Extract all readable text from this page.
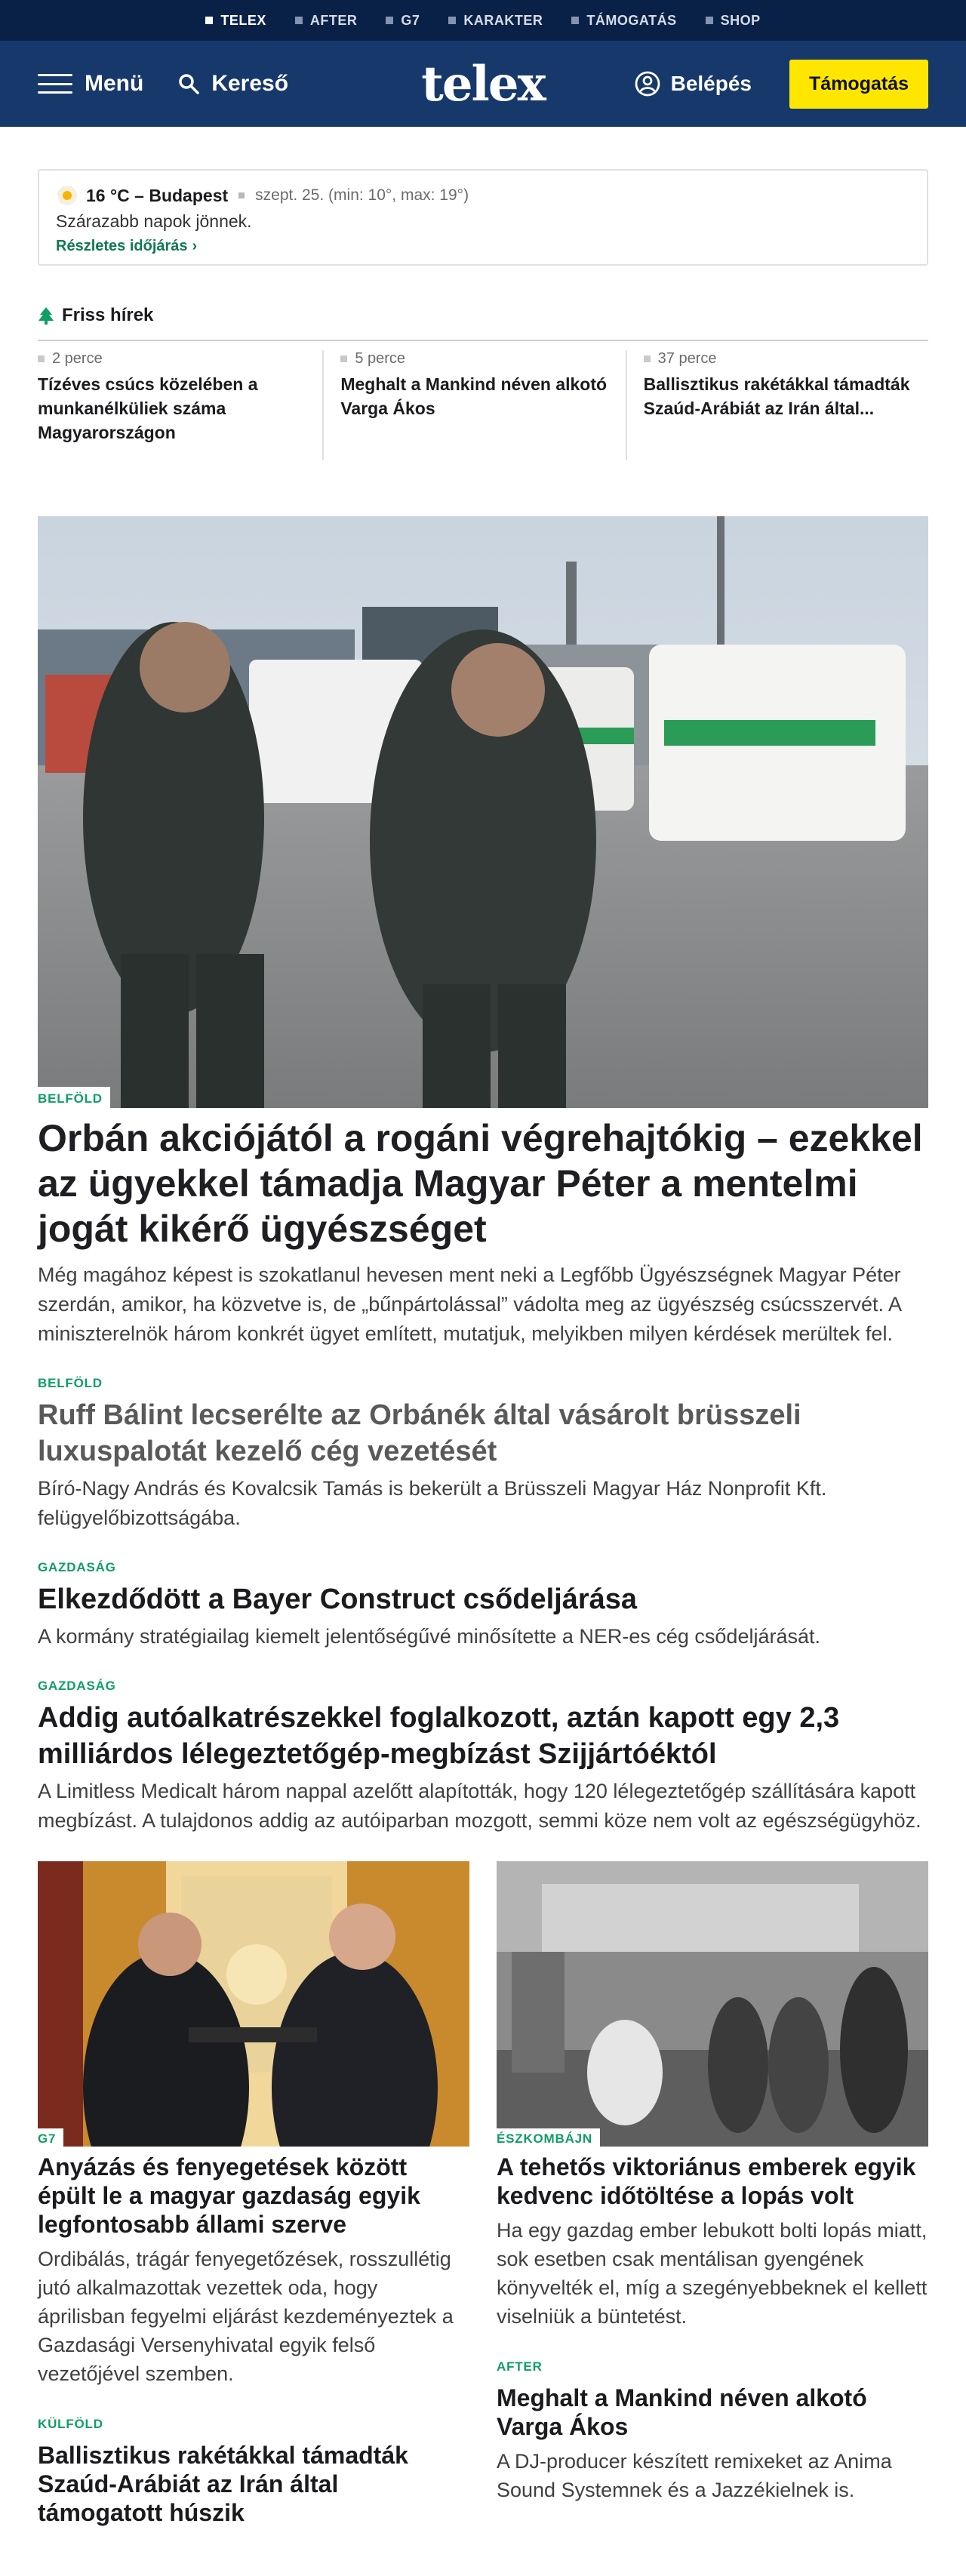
TELEX	AFTER	G7	KARAKTER	TÁMOGATÁS	SHOP
Menü	Kereső	telex	Belépés	Támogatás
16 °C – Budapest szept. 25. (min: 10°, max: 19°)
Szárazabb napok jönnek.
Részletes időjárás ›
Friss hírek
2 perce
Tízéves csúcs közelében a munkanélküliek száma Magyarországon
5 perce
Meghalt a Mankind néven alkotó Varga Ákos
37 perce
Ballisztikus rakétákkal támadták Szaúd-Arábiát az Irán által...
BELFÖLD
Orbán akciójától a rogáni végrehajtókig – ezekkel az ügyekkel támadja Magyar Péter a mentelmi jogát kikérő ügyészséget

Még magához képest is szokatlanul hevesen ment neki a Legfőbb Ügyészségnek Magyar Péter szerdán, amikor, ha közvetve is, de „bűnpártolással” vádolta meg az ügyészség csúcsszervét. A miniszterelnök három konkrét ügyet említett, mutatjuk, melyikben milyen kérdések merültek fel.

BELFÖLD
Ruff Bálint lecserélte az Orbánék által vásárolt brüsszeli luxuspalotát kezelő cég vezetését
Bíró-Nagy András és Kovalcsik Tamás is bekerült a Brüsszeli Magyar Ház Nonprofit Kft. felügyelőbizottságába.
GAZDASÁG
Elkezdődött a Bayer Construct csődeljárása
A kormány stratégiailag kiemelt jelentőségűvé minősítette a NER-es cég csődeljárását.
GAZDASÁG
Addig autóalkatrészekkel foglalkozott, aztán kapott egy 2,3 milliárdos lélegeztetőgép-megbízást Szijjártóéktól
A Limitless Medicalt három nappal azelőtt alapították, hogy 120 lélegeztetőgép szállítására kapott megbízást. A tulajdonos addig az autóiparban mozgott, semmi köze nem volt az egészségügyhöz.
G7
Anyázás és fenyegetések között épült le a magyar gazdaság egyik legfontosabb állami szerve
Ordibálás, trágár fenyegetőzések, rosszullétig jutó alkalmazottak vezettek oda, hogy áprilisban fegyelmi eljárást kezdeményeztek a Gazdasági Versenyhivatal egyik felső vezetőjével szemben.
KÜLFÖLD
Ballisztikus rakétákkal támadták Szaúd-Arábiát az Irán által támogatott húszik
ÉSZKOMBÁJN
A tehetős viktoriánus emberek egyik kedvenc időtöltése a lopás volt
Ha egy gazdag ember lebukott bolti lopás miatt, sok esetben csak mentálisan gyengének könyvelték el, míg a szegényebbeknek el kellett viselniük a büntetést.
AFTER
Meghalt a Mankind néven alkotó Varga Ákos
A DJ-producer készített remixeket az Anima Sound Systemnek és a Jazzékielnek is.
